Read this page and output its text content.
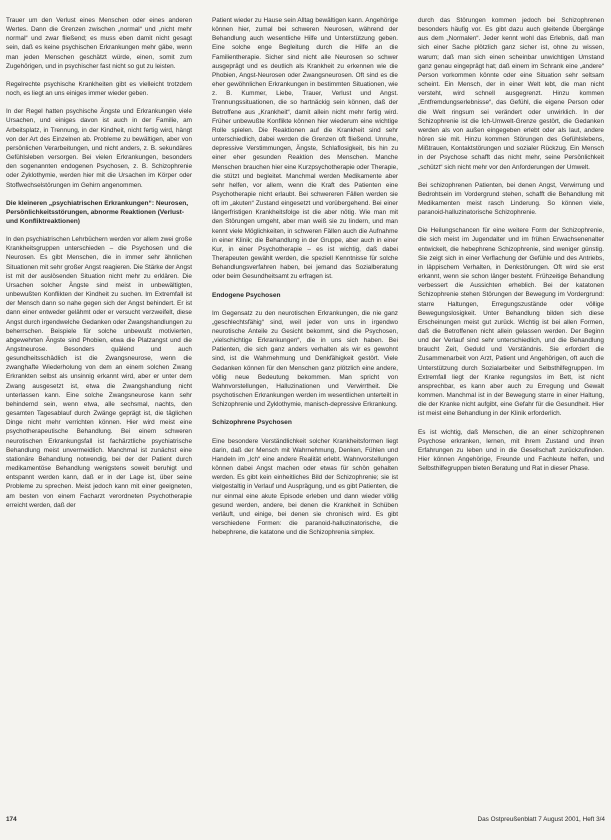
Trauer um den Verlust eines Menschen oder eines anderen Wertes. Dann die Grenzen zwischen „normal“ und „nicht mehr normal“ und zwar fließend; es muss eben damit nicht gesagt sein, daß es keine psychischen Erkrankungen mehr gäbe, wenn man jeden Menschen geschätzt würde, einen, somit zum Zugehörigen, und in psychischer fast nicht so gut zu leisten.

Regelrechte psychische Krankheiten gibt es vielleicht trotzdem noch, es liegt an uns einiges immer wieder geben.

In der Regel hatten psychische Ängste und Erkrankungen viele Ursachen, und einiges davon ist auch in der Familie, am Arbeitsplatz, in Trennung, in der Kindheit, nicht fertig wird, hängt von der Art des Einzelnen ab. Probleme zu bewältigen, aber von persönlichen Verarbeitungen, und nicht anders, z. B. sekundäres Gefühlsleben versorgen. Bei vielen Erkrankungen, besonders den sogenannten endogenen Psychosen, z. B. Schizophrenie oder Zyklothymie, werden hier mit die Ursachen im Körper oder Stoffwechselstörungen im Gehirn angenommen.

Die kleineren „psychiatrischen Erkrankungen“: Neurosen, Persönlichkeitsstörungen, abnorme Reaktionen (Verlust- und Konfliktreaktionen)

In den psychiatrischen Lehrbüchern werden vor allem zwei große Krankheitsgruppen unterschieden – die Psychosen und die Neurosen. Es gibt Menschen, die in immer sehr ähnlichen Situationen mit sehr großer Angst reagieren. Die Stärke der Angst ist mit der auslösenden Situation nicht mehr zu erklären. Die Ursachen solcher Ängste sind meist in unbewältigten, unbewußten Konflikten der Kindheit zu suchen. Im Extremfall ist der Mensch dann so nahe gegen sich der Angst behindert. Er ist dann einer entweder gelähmt oder er versucht verzweifelt, diese Angst durch irgendwelche Gedanken oder Zwangshandlungen zu beherrschen. Beispiele für solche unbewußt motivierten, abgewehrten Ängste sind Phobien, etwa die Platzangst und die Angstneurose. Besonders quälend und auch gesundheitsschädlich ist die Zwangsneurose, wenn die zwanghafte Wiederholung von dem an einem solchen Zwang Erkrankten selbst als unsinnig erkannt wird, aber er unter dem Zwang ausgesetzt ist, etwa die Zwangshandlung nicht unterlassen kann. Eine solche Zwangsneurose kann sehr behindernd sein, wenn etwa, alle sechsmal, nachts, den gesamten Tagesablauf durch Zwänge geprägt ist, die täglichen Dinge nicht mehr verrichten können. Hier wird meist eine psychotherapeutische Behandlung. Bei einem schweren neurotischen Erkrankungsfall ist fachärztliche psychiatrische Behandlung meist unvermeidlich. Manchmal ist zunächst eine stationäre Behandlung notwendig, bei der der Patient durch medikamentöse Behandlung wenigstens soweit beruhigt und entspannt werden kann, daß er in der Lage ist, über seine Probleme zu sprechen. Meist jedoch kann mit einer geeigneten, am besten von einem Facharzt verordneten Psychotherapie erreicht werden, daß der

Patient wieder zu Hause sein Alltag bewältigen kann. Angehörige können hier, zumal bei schweren Neurosen, während der Behandlung auch wesentliche Hilfe und Unterstützung geben. Eine solche enge Begleitung durch die Hilfe an die Familientherapie. Sicher sind nicht alle Neurosen so schwer ausgeprägt und es deutlich als Krankheit zu erkennen wie die Phobien, Angst-Neurosen oder Zwangsneurosen. Oft sind es die eher gewöhnlichen Erkrankungen in bestimmten Situationen, wie z. B. Kummer, Liebe, Trauer, Verlust und Angst. Trennungssituationen, die so hartnäckig sein können, daß der Betroffene aus „Krankheit“, damit allein nicht mehr fertig wird. Früher unbewußte Konflikte können hier wiederum eine wichtige Rolle spielen. Die Reaktionen auf die Krankheit sind sehr unterschiedlich, dabei werden die Grenzen oft fließend. Unruhe, depressive Verstimmungen, Ängste, Schlaflosigkeit, bis hin zu einer eher gesunden Reaktion des Menschen. Manche Menschen brauchen hier eine Kurzpsychotherapie oder Therapie, die stützt und begleitet. Manchmal werden Medikamente aber sehr helfen, vor allem, wenn die Kraft des Patienten eine Psychotherapie nicht erlaubt. Bei schwereren Fällen werden sie oft im „akuten“ Zustand eingesetzt und vorübergehend. Bei einer längerfristigen Krankheitsfolge ist die aber nötig. Wie man mit den Störungen umgeht, aber man weiß sie zu lindern, und man kennt viele Möglichkeiten, in schweren Fällen auch die Aufnahme in einer Klinik; die Behandlung in der Gruppe, aber auch in einer Kur, in einer Psychotherapie – es ist wichtig, daß dabei Therapeuten gewählt werden, die speziell Kenntnisse für solche Behandlungsverfahren haben, bei jemand das Sozialberatung oder beim Gesundheitsamt zu erfragen ist.

Endogene Psychosen

Im Gegensatz zu den neurotischen Erkrankungen, die nie ganz „geschlechtsfähig“ sind, weil jeder von uns in irgendwo neurotische Anteile zu Gesicht bekommt, sind die Psychosen, „vielschichtige Erkrankungen“, die in uns sich haben. Bei Patienten, die sich ganz anders verhalten als wir es gewohnt sind, ist die Wahrnehmung und Denkfähigkeit gestört. Viele Gedanken können für den Menschen ganz plötzlich eine andere, völlig neue Bedeutung bekommen. Man spricht von Wahnvorstellungen, Halluzinationen und Verwirrtheit. Die psychotischen Erkrankungen werden im wesentlichen unterteilt in Schizophrenie und Zyklothymie, manisch-depressive Erkrankung.

Schizophrene Psychosen

Eine besondere Verständlichkeit solcher Krankheitsformen liegt darin, daß der Mensch mit Wahrnehmung, Denken, Fühlen und Handeln im „Ich“ eine andere Realität erlebt. Wahnvorstellungen können dabei Angst machen oder etwas für schön gehalten werden. Es gibt kein einheitliches Bild der Schizophrenie; sie ist vielgestaltig in Verlauf und Ausprägung, und es gibt Patienten, die nur einmal eine akute Episode erleben und dann wieder völlig gesund werden, andere, bei denen die Krankheit in Schüben verläuft, und einige, bei denen sie chronisch wird. Es gibt verschiedene Formen: die paranoid-halluzinatorische, die hebephrene, die katatone und die Schizophrenia simplex.

durch das Störungen kommen jedoch bei Schizophrenen besonders häufig vor. Es gibt dazu auch gleitende Übergänge aus dem „Normalen“. Jeder kennt wohl das Erlebnis, daß man sich einer Sache plötzlich ganz sicher ist, ohne zu wissen, warum; daß man sich einen scheinbar unwichtigen Umstand ganz genau eingeprägt hat; daß einem im Schrank eine „andere“ Person vorkommen könnte oder eine Situation sehr seltsam scheint. Ein Mensch, der in einer Welt lebt, die man nicht versteht, wird schnell ausgegrenzt. Hinzu kommen „Entfremdungserlebnisse“, das Gefühl, die eigene Person oder die Welt ringsum sei verändert oder unwirklich. In der Schizophrenie ist die Ich-Umwelt-Grenze gestört, die Gedanken werden als von außen eingegeben erlebt oder als laut, andere hören sie mit. Hinzu kommen Störungen des Gefühlslebens, Mißtrauen, Kontaktstörungen und sozialer Rückzug. Ein Mensch in der Psychose schafft das nicht mehr, seine Persönlichkeit „schützt“ sich nicht mehr vor den Anforderungen der Umwelt.

Bei schizophrenen Patienten, bei denen Angst, Verwirrung und Bedrohtsein im Vordergrund stehen, schafft die Behandlung mit Medikamenten meist rasch Linderung. So können viele, paranoid-halluzinatorische Schizophrenie.

Die Heilungschancen für eine weitere Form der Schizophrenie, die sich meist im Jugendalter und im frühen Erwachsenenalter entwickelt, die hebephrene Schizophrenie, sind weniger günstig. Sie zeigt sich in einer Verflachung der Gefühle und des Antriebs, in läppischem Verhalten, in Denkstörungen. Oft wird sie erst erkannt, wenn sie schon länger besteht. Frühzeitige Behandlung verbessert die Aussichten erheblich. Bei der katatonen Schizophrenie stehen Störungen der Bewegung im Vordergrund: starre Haltungen, Erregungszustände oder völlige Bewegungslosigkeit. Unter Behandlung bilden sich diese Erscheinungen meist gut zurück. Wichtig ist bei allen Formen, daß die Betroffenen nicht allein gelassen werden. Der Beginn und der Verlauf sind sehr unterschiedlich, und die Behandlung braucht Zeit, Geduld und Verständnis. Sie erfordert die Zusammenarbeit von Arzt, Patient und Angehörigen, oft auch die Unterstützung durch Sozialarbeiter und Selbsthilfegruppen. Im Extremfall liegt der Kranke regungslos im Bett, ist nicht ansprechbar, es kann aber auch zu Erregung und Gewalt kommen. Manchmal ist in der Bewegung starre in einer Haltung, die der Kranke nicht aufgibt, eine Gefahr für die Gesundheit. Hier ist meist eine Behandlung in der Klinik erforderlich.

Es ist wichtig, daß Menschen, die an einer schizophrenen Psychose erkranken, lernen, mit ihrem Zustand und ihren Erfahrungen zu leben und in die Gesellschaft zurückzufinden. Hier können Angehörige, Freunde und Fachleute helfen, und Selbsthilfegruppen bieten Beratung und Rat in dieser Phase.

174	Das Ostpreußenblatt 7 August 2001, Heft 3/4
